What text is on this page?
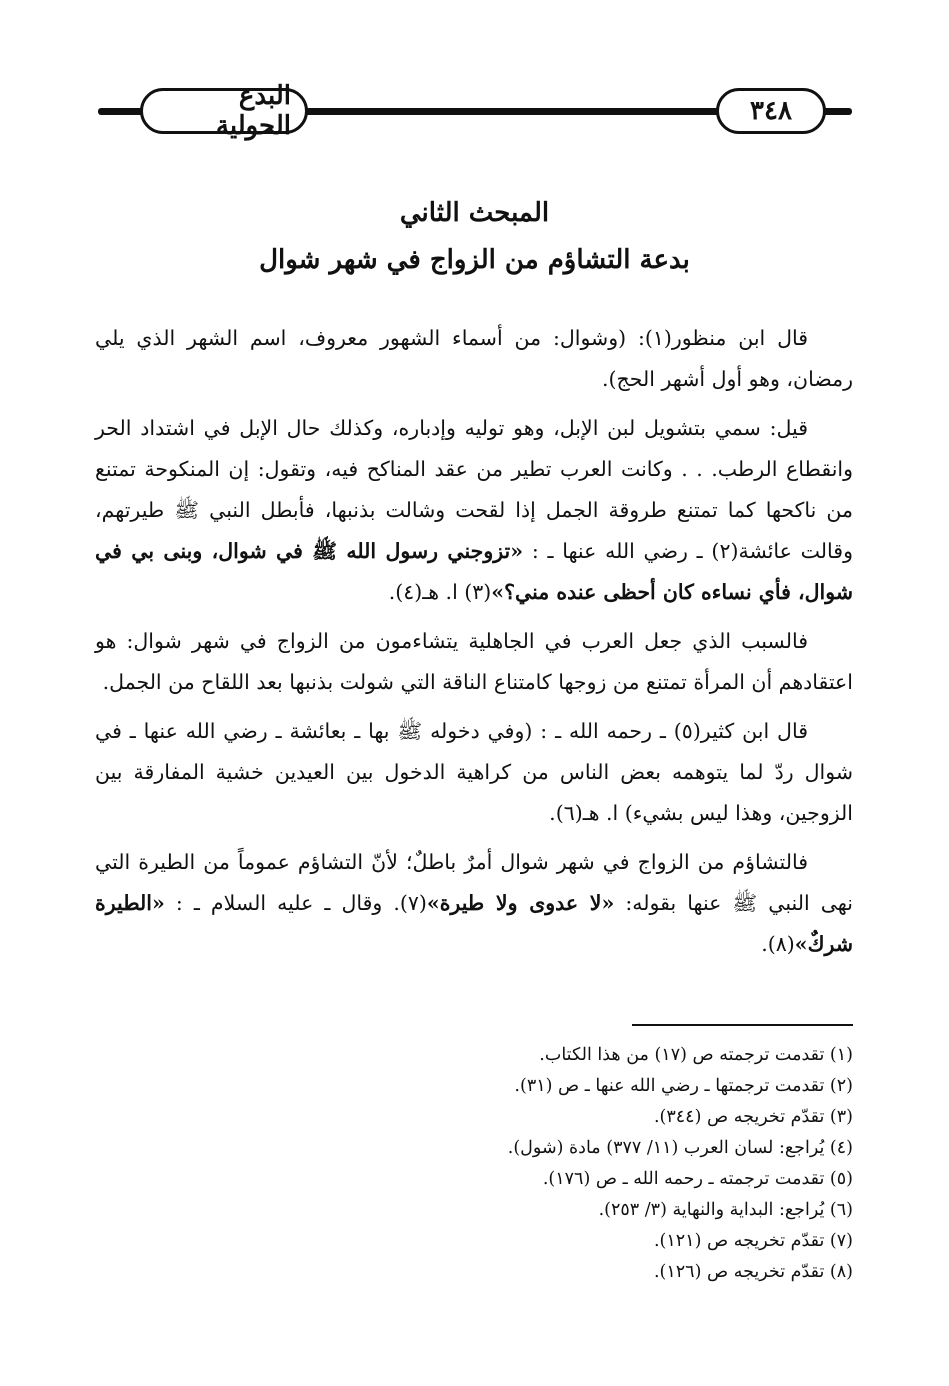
البدع الحولية	٣٤٨
المبحث الثاني
بدعة التشاؤم من الزواج في شهر شوال

قال ابن منظور(١): (وشوال: من أسماء الشهور معروف، اسم الشهر الذي يلي رمضان، وهو أول أشهر الحج).

قيل: سمي بتشويل لبن الإبل، وهو توليه وإدباره، وكذلك حال الإبل في اشتداد الحر وانقطاع الرطب. . . وكانت العرب تطير من عقد المناكح فيه، وتقول: إن المنكوحة تمتنع من ناكحها كما تمتنع طروقة الجمل إذا لقحت وشالت بذنبها، فأبطل النبي ﷺ طيرتهم، وقالت عائشة(٢) ـ رضي الله عنها ـ : «تزوجني رسول الله ﷺ في شوال، وبنى بي في شوال، فأي نساءه كان أحظى عنده مني؟»(٣) ا. هـ(٤).

فالسبب الذي جعل العرب في الجاهلية يتشاءمون من الزواج في شهر شوال: هو اعتقادهم أن المرأة تمتنع من زوجها كامتناع الناقة التي شولت بذنبها بعد اللقاح من الجمل.

قال ابن كثير(٥) ـ رحمه الله ـ : (وفي دخوله ﷺ بها ـ بعائشة ـ رضي الله عنها ـ في شوال ردّ لما يتوهمه بعض الناس من كراهية الدخول بين العيدين خشية المفارقة بين الزوجين، وهذا ليس بشيء) ا. هـ(٦).

فالتشاؤم من الزواج في شهر شوال أمرٌ باطلٌ؛ لأنّ التشاؤم عموماً من الطيرة التي نهى النبي ﷺ عنها بقوله: «لا عدوى ولا طيرة»(٧). وقال ـ عليه السلام ـ : «الطيرة شركٌ»(٨).

(١) تقدمت ترجمته ص (١٧) من هذا الكتاب.

(٢) تقدمت ترجمتها ـ رضي الله عنها ـ ص (٣١).

(٣) تقدّم تخريجه ص (٣٤٤).

(٤) يُراجع: لسان العرب (١١/ ٣٧٧) مادة (شول).

(٥) تقدمت ترجمته ـ رحمه الله ـ ص (١٧٦).

(٦) يُراجع: البداية والنهاية (٣/ ٢٥٣).

(٧) تقدّم تخريجه ص (١٢١).

(٨) تقدّم تخريجه ص (١٢٦).
